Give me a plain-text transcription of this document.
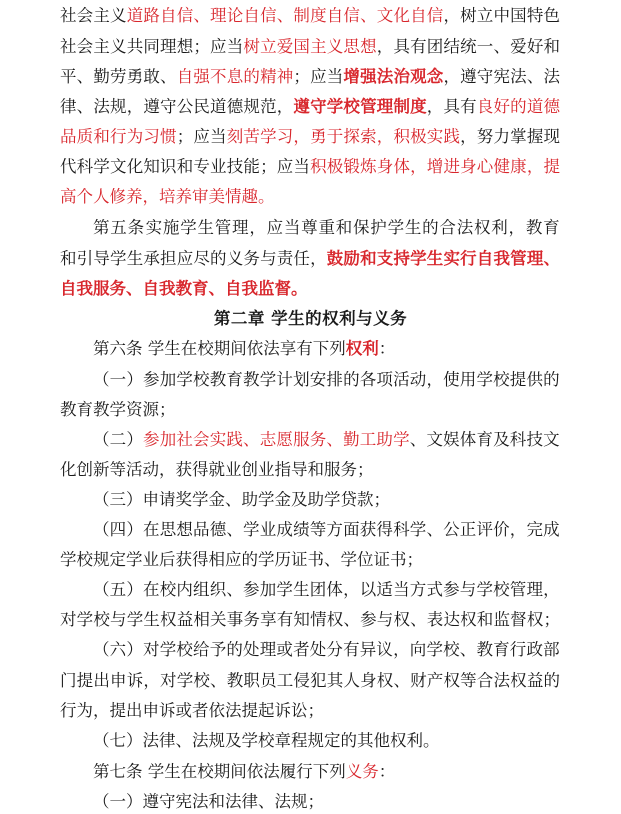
社 会 主 义 道 路 自 信 、 理 论 自 信 、 制 度 自 信 、 文 化 自 信 ， 树 立 中 国 特 色
社 会 主 义 共 同 理 想 ； 应 当 树 立 爱 国 主 义 思 想 ， 具 有 团 结 统 一 、 爱 好 和
平 、 勤 劳 勇 敢 、 自 强 不 息 的 精 神 ； 应 当 增 强 法 治 观 念 ， 遵 守 宪 法 、 法
律 、 法 规 ， 遵 守 公 民 道 德 规 范 ， 遵 守 学 校 管 理 制 度 ， 具 有 良 好 的 道 德
品 质 和 行 为 习 惯 ； 应 当 刻 苦 学 习 ， 勇 于 探 索 ， 积 极 实 践 ， 努 力 掌 握 现
代 科 学 文 化 知 识 和 专 业 技 能 ； 应 当 积 极 锻 炼 身 体 ， 增 进 身 心 健 康 ， 提
高个人修养，培养审美情趣。
第 五 条 实 施 学 生 管 理 ， 应 当 尊 重 和 保 护 学 生 的 合 法 权 利 ， 教 育
和 引 导 学 生 承 担 应 尽 的 义 务 与 责 任 ， 鼓 励 和 支 持 学 生 实 行 自 我 管 理 、
自我服务、自我教育、自我监督。
第二章 学生的权利与义务
第六条 学生在校期间依法享有下列 权利 ：
（ 一 ） 参 加 学 校 教 育 教 学 计 划 安 排 的 各 项 活 动 ， 使 用 学 校 提 供 的
教育教学资源；
（ 二 ） 参 加 社 会 实 践 、 志 愿 服 务 、 勤 工 助 学 、 文 娱 体 育 及 科 技 文
化创新等活动，获得就业创业指导和服务；
（三）申请奖学金、助学金及助学贷款；
（ 四 ） 在 思 想 品 德 、 学 业 成 绩 等 方 面 获 得 科 学 、 公 正 评 价 ， 完 成
学校规定学业后获得相应的学历证书、学位证书；
（ 五 ） 在 校 内 组 织 、 参 加 学 生 团 体 ， 以 适 当 方 式 参 与 学 校 管 理 ，
对 学 校 与 学 生 权 益 相 关 事 务 享 有 知 情 权 、 参 与 权 、 表 达 权 和 监 督 权 ；
（ 六 ） 对 学 校 给 予 的 处 理 或 者 处 分 有 异 议 ， 向 学 校 、 教 育 行 政 部
门 提 出 申 诉 ， 对 学 校 、 教 职 员 工 侵 犯 其 人 身 权 、 财 产 权 等 合 法 权 益 的
行为，提出申诉或者依法提起诉讼；
（七）法律、法规及学校章程规定的其他权利。
第七条 学生在校期间依法履行下列 义务 ：
（一）遵守宪法和法律、法规；
